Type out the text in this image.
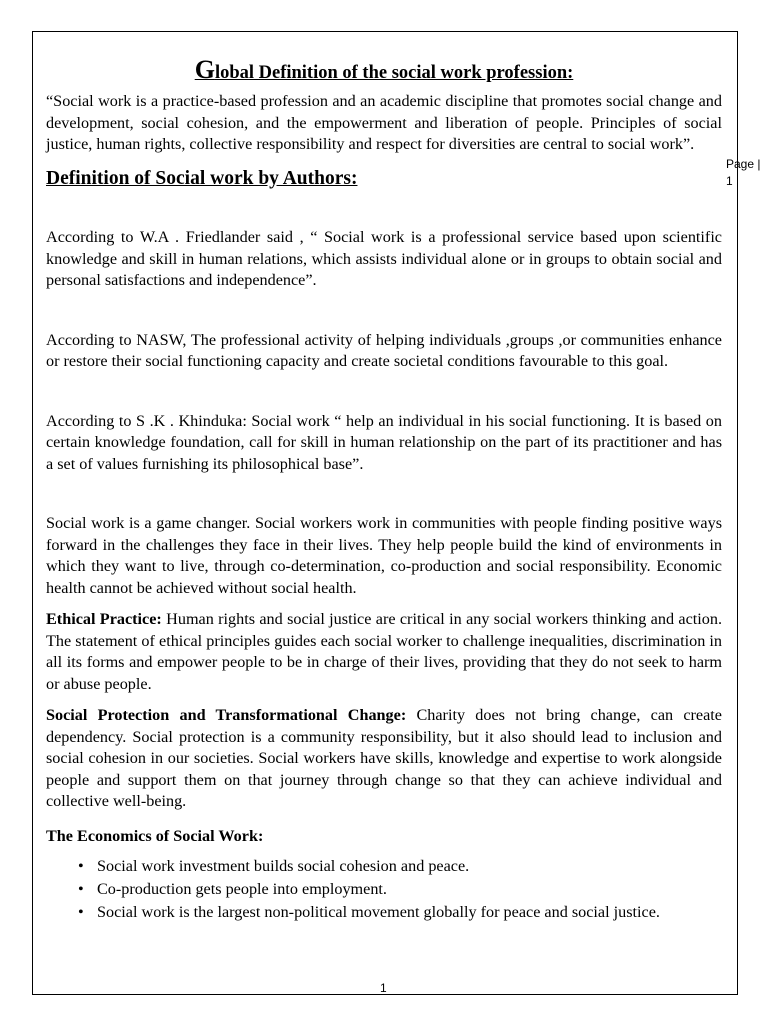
Page |
1
Global Definition of the social work profession:

“Social work is a practice-based profession and an academic discipline that promotes social change and development, social cohesion, and the empowerment and liberation of people. Principles of social justice, human rights, collective responsibility and respect for diversities are central to social work”.

Definition of Social work by Authors:

According to W.A . Friedlander said , “ Social work is a professional service based upon scientific knowledge and skill in human relations, which assists individual alone or in groups to obtain social and personal satisfactions and independence”.

According to NASW, The professional activity of helping individuals ,groups ,or communities enhance or restore their social functioning capacity and create societal conditions favourable to this goal.

According to S .K . Khinduka: Social work “ help an individual in his social functioning. It is based on certain knowledge foundation, call for skill in human relationship on the part of its practitioner and has a set of values furnishing its philosophical base”.

Social work is a game changer. Social workers work in communities with people finding positive ways forward in the challenges they face in their lives. They help people build the kind of environments in which they want to live, through co-determination, co-production and social responsibility. Economic health cannot be achieved without social health.

Ethical Practice: Human rights and social justice are critical in any social workers thinking and action. The statement of ethical principles guides each social worker to challenge inequalities, discrimination in all its forms and empower people to be in charge of their lives, providing that they do not seek to harm or abuse people.

Social Protection and Transformational Change: Charity does not bring change, can create dependency. Social protection is a community responsibility, but it also should lead to inclusion and social cohesion in our societies. Social workers have skills, knowledge and expertise to work alongside people and support them on that journey through change so that they can achieve individual and collective well-being.

The Economics of Social Work:
• Social work investment builds social cohesion and peace.
• Co-production gets people into employment.
• Social work is the largest non-political movement globally for peace and social justice.
1
